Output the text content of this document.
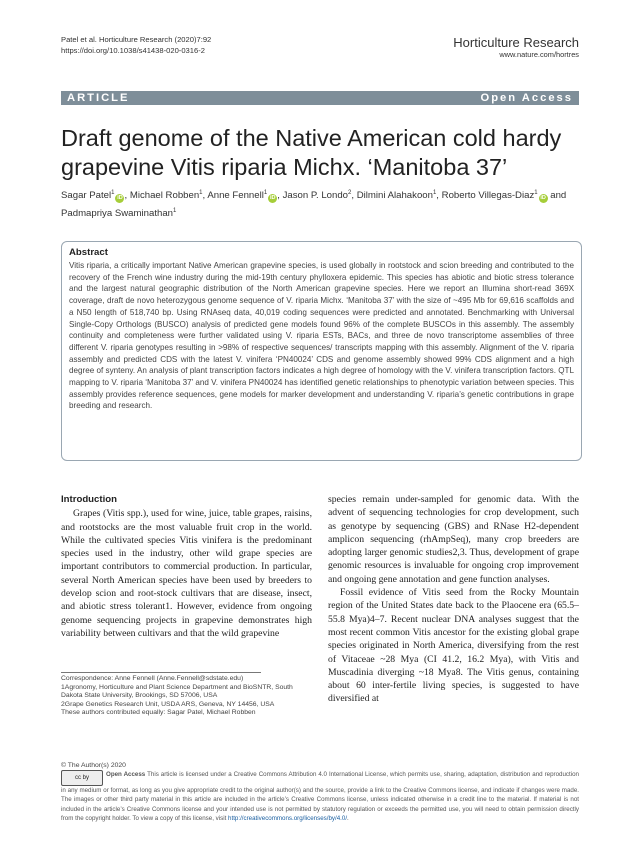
Patel et al. Horticulture Research (2020)7:92
https://doi.org/10.1038/s41438-020-0316-2
Horticulture Research
www.nature.com/hortres
ARTICLE	Open Access
Draft genome of the Native American cold hardy grapevine Vitis riparia Michx. ‘Manitoba 37’
Sagar Patel$^1$iD , Michael Robben$^1$, Anne Fennell$^1$iD , Jason P. Londo$^2$, Dilmini Alahakoon$^1$, Roberto Villegas-Diaz$^1$iD and Padmapriya Swaminathan$^1$
Abstract
Vitis riparia, a critically important Native American grapevine species, is used globally in rootstock and scion breeding and contributed to the recovery of the French wine industry during the mid-19th century phylloxera epidemic. This species has abiotic and biotic stress tolerance and the largest natural geographic distribution of the North American grapevine species. Here we report an Illumina short-read 369X coverage, draft de novo heterozygous genome sequence of V. riparia Michx. ‘Manitoba 37’ with the size of ~495 Mb for 69,616 scaffolds and a N50 length of 518,740 bp. Using RNAseq data, 40,019 coding sequences were predicted and annotated. Benchmarking with Universal Single-Copy Orthologs (BUSCO) analysis of predicted gene models found 96% of the complete BUSCOs in this assembly. The assembly continuity and completeness were further validated using V. riparia ESTs, BACs, and three de novo transcriptome assemblies of three different V. riparia genotypes resulting in >98% of respective sequences/ transcripts mapping with this assembly. Alignment of the V. riparia assembly and predicted CDS with the latest V. vinifera ‘PN40024’ CDS and genome assembly showed 99% CDS alignment and a high degree of synteny. An analysis of plant transcription factors indicates a high degree of homology with the V. vinifera transcription factors. QTL mapping to V. riparia ‘Manitoba 37’ and V. vinifera PN40024 has identified genetic relationships to phenotypic variation between species. This assembly provides reference sequences, gene models for marker development and understanding V. riparia’s genetic contributions in grape breeding and research.
Introduction
Grapes (Vitis spp.), used for wine, juice, table grapes, raisins, and rootstocks are the most valuable fruit crop in the world. While the cultivated species Vitis vinifera is the predominant species used in the industry, other wild grape species are important contributors to commercial production. In particular, several North American species have been used by breeders to develop scion and root-stock cultivars that are disease, insect, and abiotic stress tolerant1. However, evidence from ongoing genome sequencing projects in grapevine demonstrates high variability between cultivars and that the wild grapevine
species remain under-sampled for genomic data. With the advent of sequencing technologies for crop development, such as genotype by sequencing (GBS) and RNase H2-dependent amplicon sequencing (rhAmpSeq), many crop breeders are adopting larger genomic studies2,3. Thus, development of grape genomic resources is invaluable for ongoing crop improvement and ongoing gene annotation and gene function analyses.
Fossil evidence of Vitis seed from the Rocky Mountain region of the United States date back to the Plaocene era (65.5–55.8 Mya)4–7. Recent nuclear DNA analyses suggest that the most recent common Vitis ancestor for the existing global grape species originated in North America, diversifying from the rest of Vitaceae ~28 Mya (CI 41.2, 16.2 Mya), with Vitis and Muscadinia diverging ~18 Mya8. The Vitis genus, containing about 60 inter-fertile living species, is suggested to have diversified at
Correspondence: Anne Fennell (Anne.Fennell@sdstate.edu)
1Agronomy, Horticulture and Plant Science Department and BioSNTR, South Dakota State University, Brookings, SD 57006, USA
2Grape Genetics Research Unit, USDA ARS, Geneva, NY 14456, USA
These authors contributed equally: Sagar Patel, Michael Robben
© The Author(s) 2020
cc by	Open Access This article is licensed under a Creative Commons Attribution 4.0 International License, which permits use, sharing, adaptation, distribution and reproduction in any medium or format, as long as you give appropriate credit to the original author(s) and the source, provide a link to the Creative Commons license, and indicate if changes were made. The images or other third party material in this article are included in the article’s Creative Commons license, unless indicated otherwise in a credit line to the material. If material is not included in the article’s Creative Commons license and your intended use is not permitted by statutory regulation or exceeds the permitted use, you will need to obtain permission directly from the copyright holder. To view a copy of this license, visit http://creativecommons.org/licenses/by/4.0/.
